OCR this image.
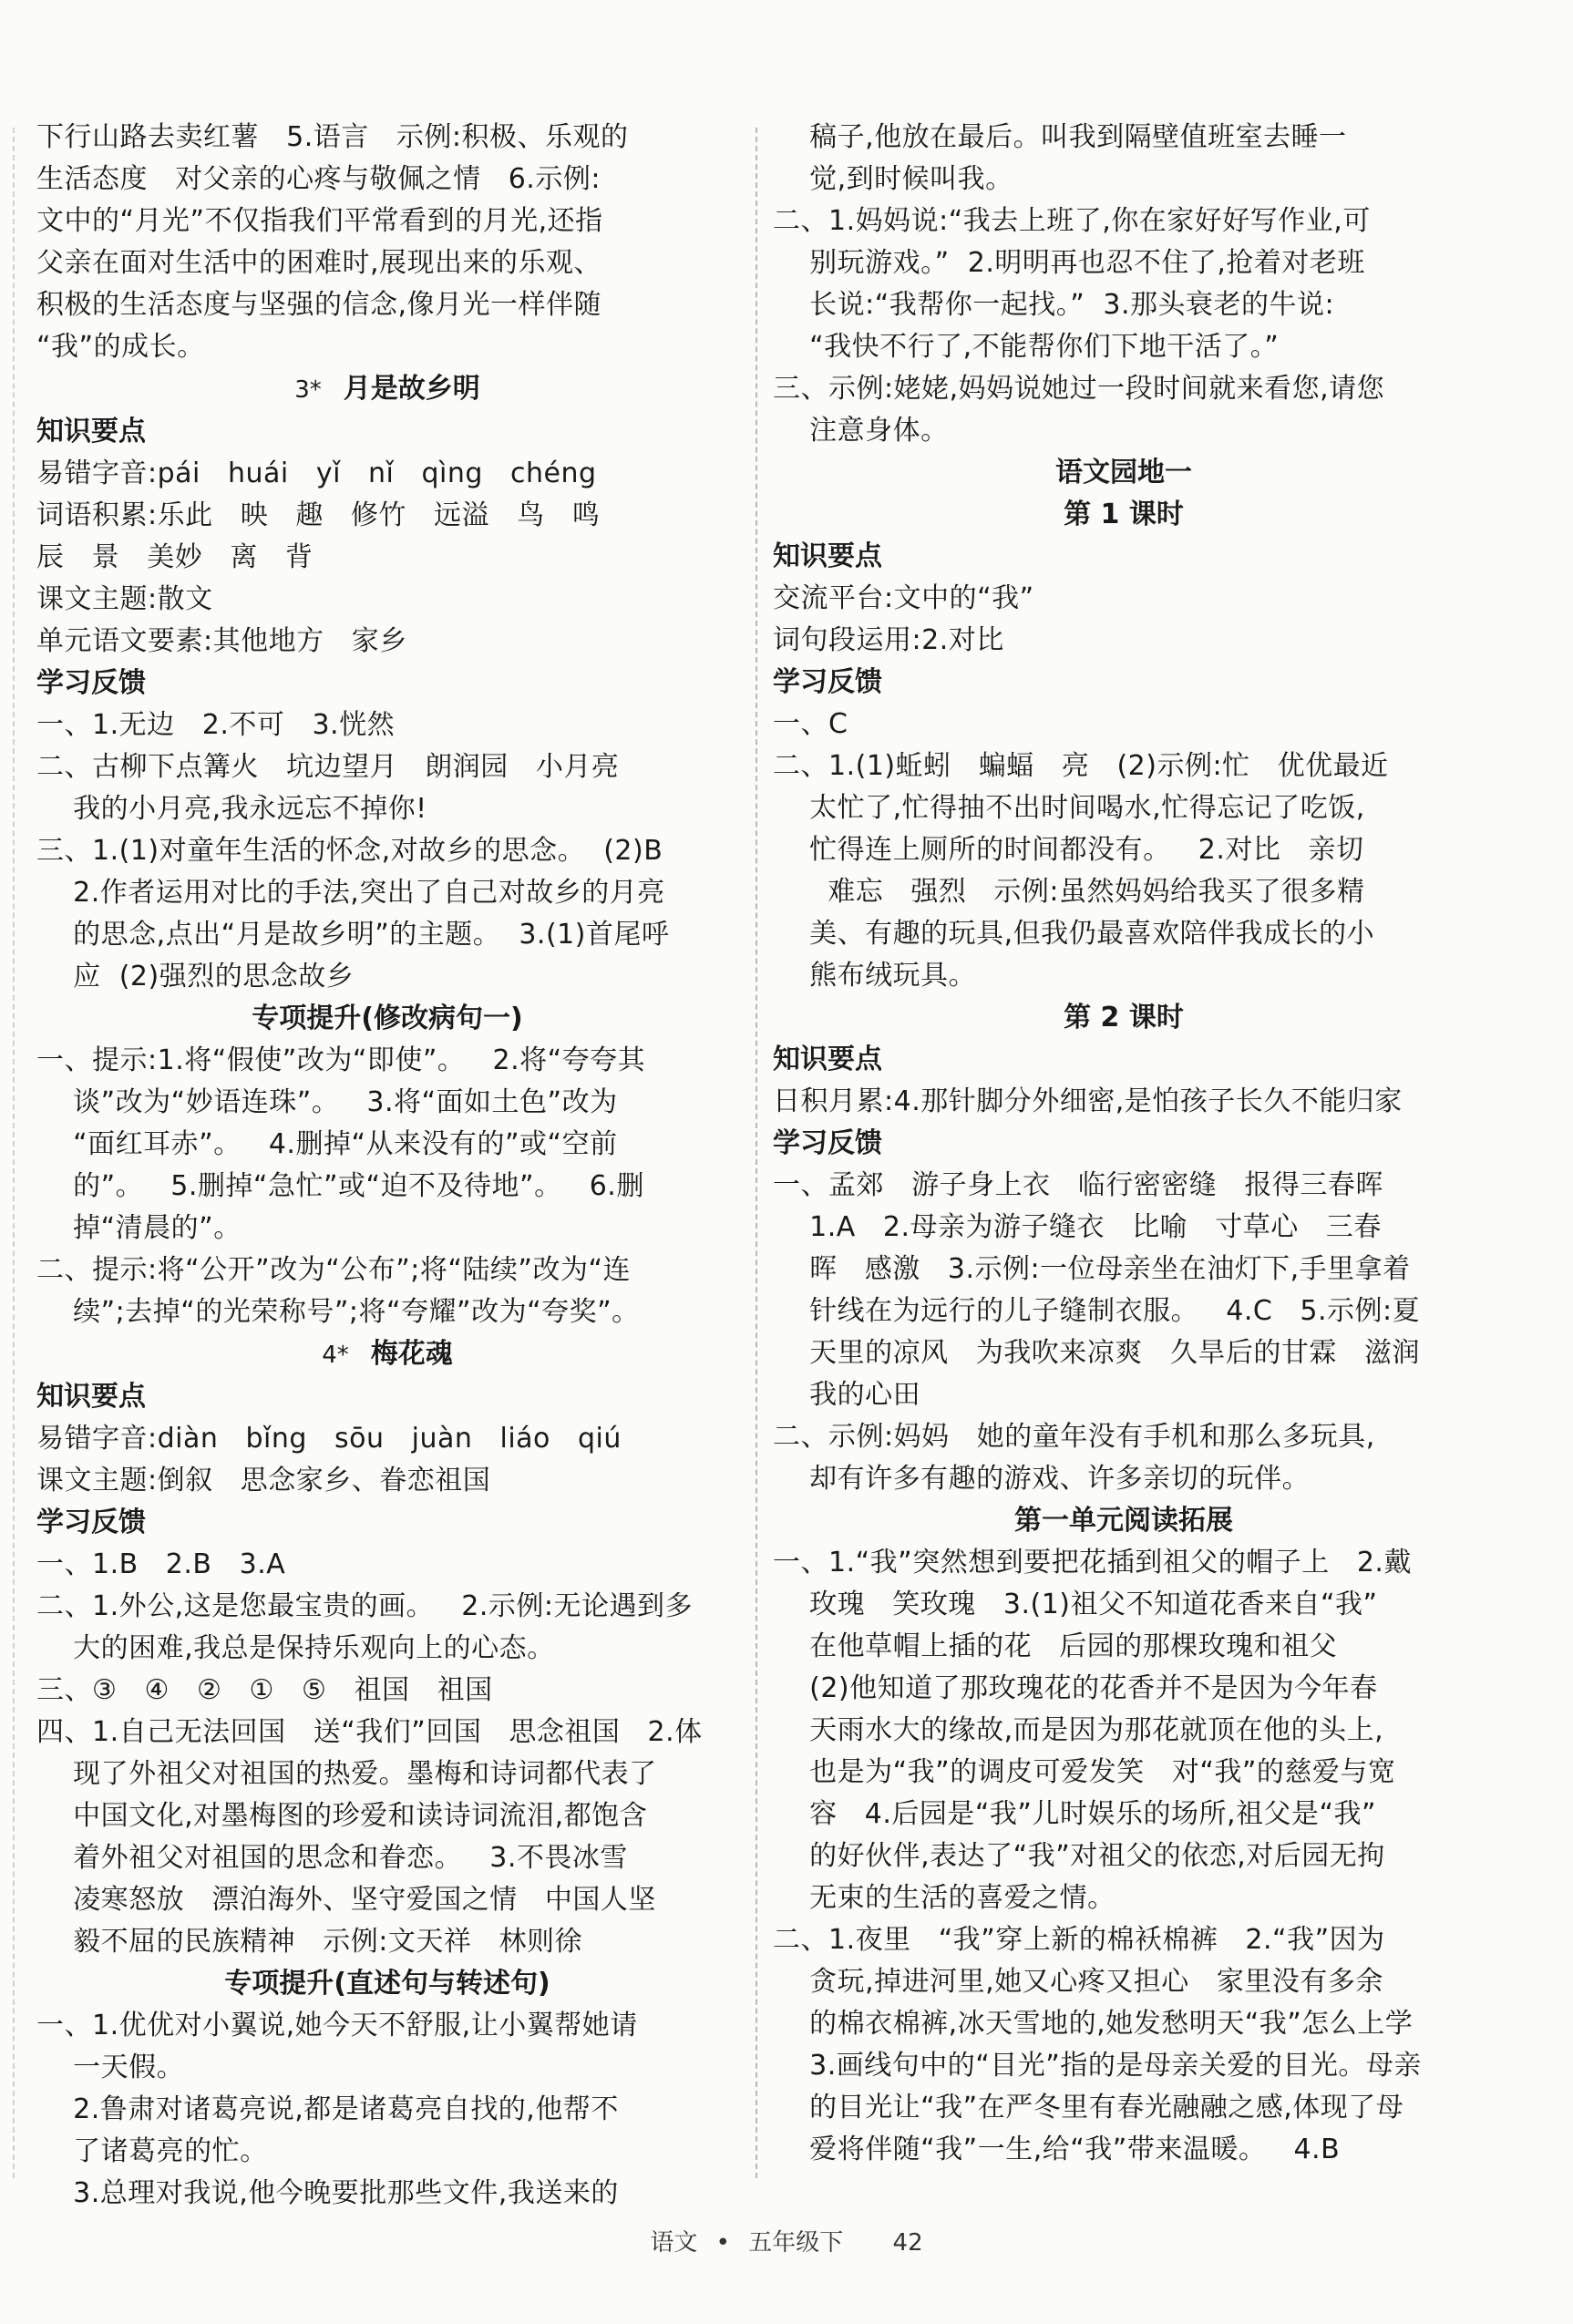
下行山路去卖红薯   5.语言   示例:积极、乐观的
生活态度   对父亲的心疼与敬佩之情   6.示例:
文中的“月光”不仅指我们平常看到的月光,还指
父亲在面对生活中的困难时,展现出来的乐观、
积极的生活态度与坚强的信念,像月光一样伴随
“我”的成长。
3* 月是故乡明
知识要点
易错字音:pái   huái   yǐ   nǐ   qìng   chéng
词语积累:乐此   映   趣   修竹   远溢   鸟   鸣
辰   景   美妙   离   背
课文主题:散文
单元语文要素:其他地方   家乡
学习反馈
一、1.无边   2.不可   3.恍然
二、古柳下点篝火   坑边望月   朗润园   小月亮
我的小月亮,我永远忘不掉你!
三、1.(1)对童年生活的怀念,对故乡的思念。  (2)B
2.作者运用对比的手法,突出了自己对故乡的月亮
的思念,点出“月是故乡明”的主题。  3.(1)首尾呼
应  (2)强烈的思念故乡
专项提升(修改病句一)
一、提示:1.将“假使”改为“即使”。   2.将“夸夸其
谈”改为“妙语连珠”。   3.将“面如土色”改为
“面红耳赤”。   4.删掉“从来没有的”或“空前
的”。   5.删掉“急忙”或“迫不及待地”。   6.删
掉“清晨的”。
二、提示:将“公开”改为“公布”;将“陆续”改为“连
续”;去掉“的光荣称号”;将“夸耀”改为“夸奖”。
4* 梅花魂
知识要点
易错字音:diàn   bǐng   sōu   juàn   liáo   qiú
课文主题:倒叙   思念家乡、眷恋祖国
学习反馈
一、1.B   2.B   3.A
二、1.外公,这是您最宝贵的画。   2.示例:无论遇到多
大的困难,我总是保持乐观向上的心态。
三、③   ④   ②   ①   ⑤   祖国   祖国
四、1.自己无法回国   送“我们”回国   思念祖国   2.体
现了外祖父对祖国的热爱。墨梅和诗词都代表了
中国文化,对墨梅图的珍爱和读诗词流泪,都饱含
着外祖父对祖国的思念和眷恋。   3.不畏冰雪
凌寒怒放   漂泊海外、坚守爱国之情   中国人坚
毅不屈的民族精神   示例:文天祥   林则徐
专项提升(直述句与转述句)
一、1.优优对小翼说,她今天不舒服,让小翼帮她请
一天假。
2.鲁肃对诸葛亮说,都是诸葛亮自找的,他帮不
了诸葛亮的忙。
3.总理对我说,他今晚要批那些文件,我送来的
稿子,他放在最后。叫我到隔壁值班室去睡一
觉,到时候叫我。
二、1.妈妈说:“我去上班了,你在家好好写作业,可
别玩游戏。”  2.明明再也忍不住了,抢着对老班
长说:“我帮你一起找。”  3.那头衰老的牛说:
“我快不行了,不能帮你们下地干活了。”
三、示例:姥姥,妈妈说她过一段时间就来看您,请您
注意身体。
语文园地一
第 1 课时
知识要点
交流平台:文中的“我”
词句段运用:2.对比
学习反馈
一、C
二、1.(1)蚯蚓   蝙蝠   亮   (2)示例:忙   优优最近
太忙了,忙得抽不出时间喝水,忙得忘记了吃饭,
忙得连上厕所的时间都没有。   2.对比   亲切
难忘   强烈   示例:虽然妈妈给我买了很多精
美、有趣的玩具,但我仍最喜欢陪伴我成长的小
熊布绒玩具。
第 2 课时
知识要点
日积月累:4.那针脚分外细密,是怕孩子长久不能归家
学习反馈
一、孟郊   游子身上衣   临行密密缝   报得三春晖
1.A   2.母亲为游子缝衣   比喻   寸草心   三春
晖   感激   3.示例:一位母亲坐在油灯下,手里拿着
针线在为远行的儿子缝制衣服。   4.C   5.示例:夏
天里的凉风   为我吹来凉爽   久旱后的甘霖   滋润
我的心田
二、示例:妈妈   她的童年没有手机和那么多玩具,
却有许多有趣的游戏、许多亲切的玩伴。
第一单元阅读拓展
一、1.“我”突然想到要把花插到祖父的帽子上   2.戴
玫瑰   笑玫瑰   3.(1)祖父不知道花香来自“我”
在他草帽上插的花   后园的那棵玫瑰和祖父
(2)他知道了那玫瑰花的花香并不是因为今年春
天雨水大的缘故,而是因为那花就顶在他的头上,
也是为“我”的调皮可爱发笑   对“我”的慈爱与宽
容   4.后园是“我”儿时娱乐的场所,祖父是“我”
的好伙伴,表达了“我”对祖父的依恋,对后园无拘
无束的生活的喜爱之情。
二、1.夜里   “我”穿上新的棉袄棉裤   2.“我”因为
贪玩,掉进河里,她又心疼又担心   家里没有多余
的棉衣棉裤,冰天雪地的,她发愁明天“我”怎么上学
3.画线句中的“目光”指的是母亲关爱的目光。母亲
的目光让“我”在严冬里有春光融融之感,体现了母
爱将伴随“我”一生,给“我”带来温暖。   4.B
语文 • 五年级下 42
